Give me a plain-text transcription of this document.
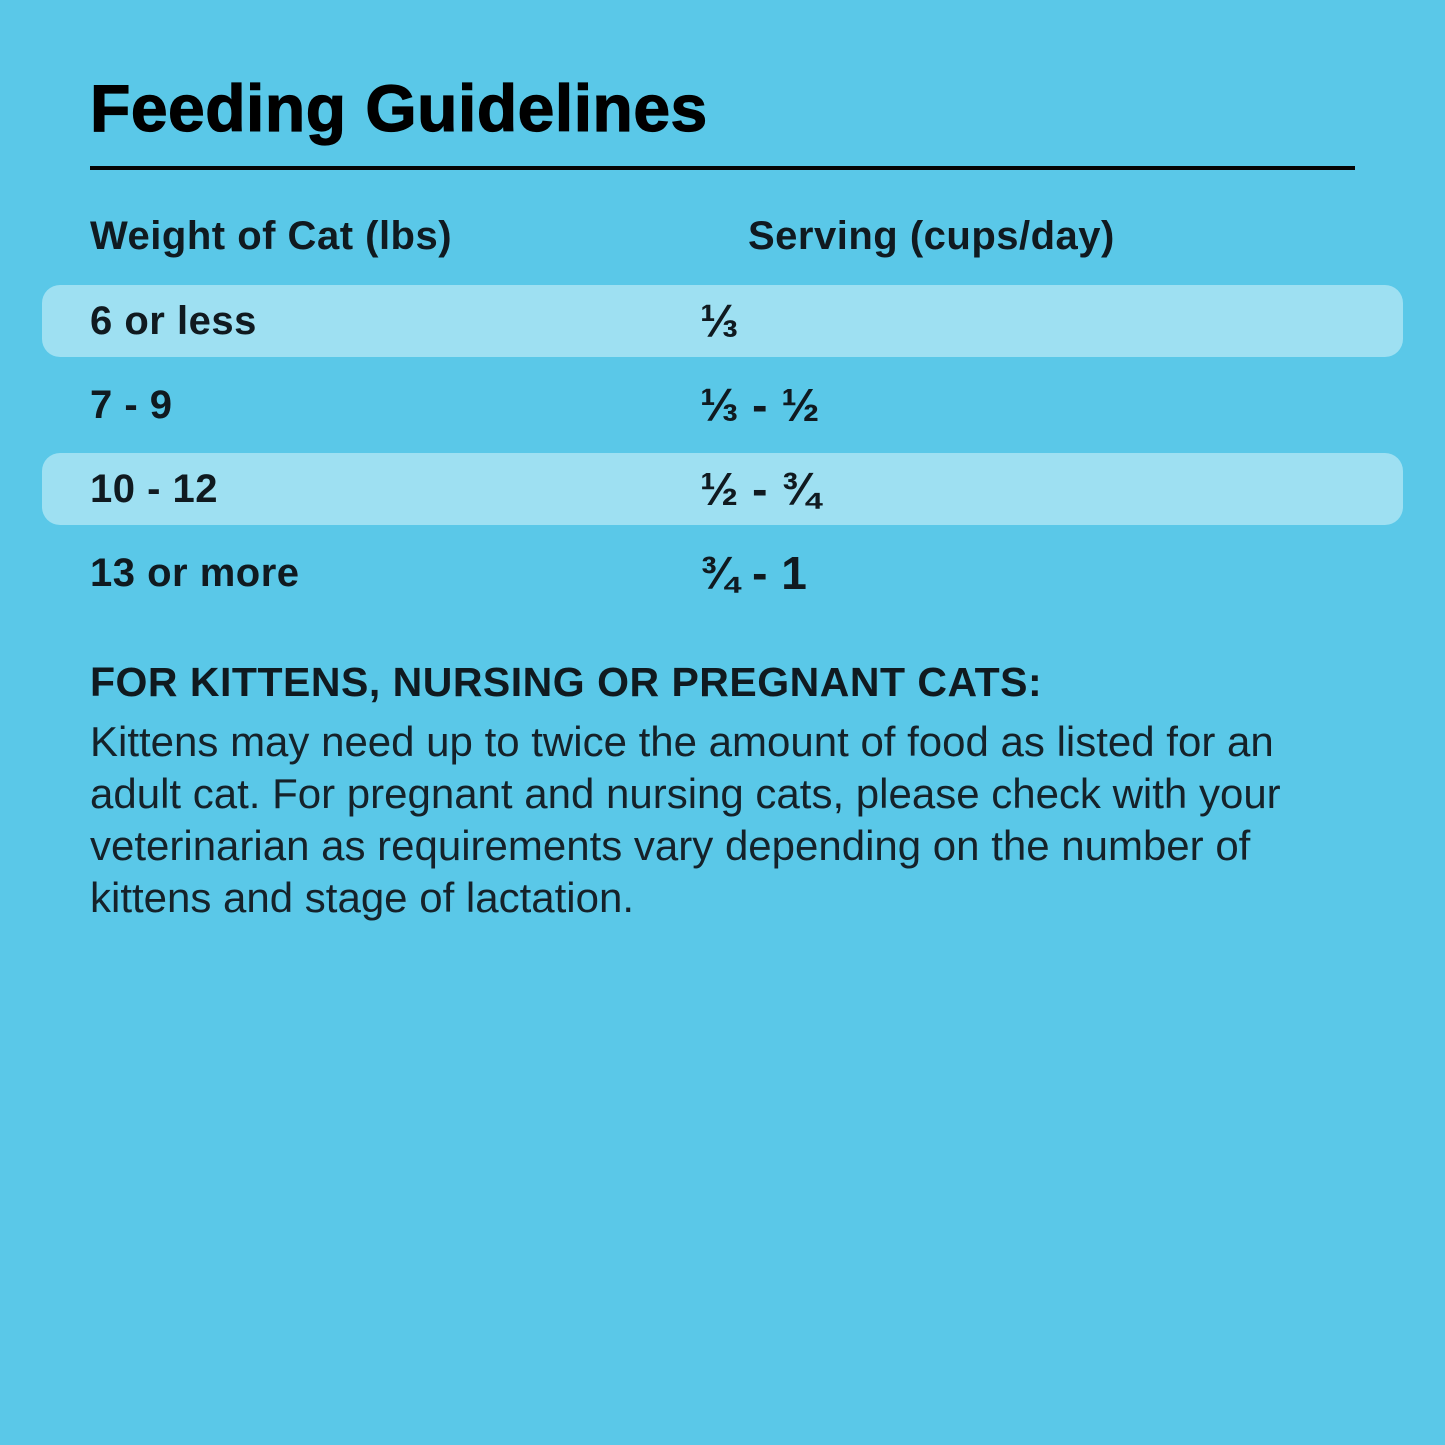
Feeding Guidelines
Weight of Cat (lbs)	Serving (cups/day)
6 or less	⅓
7 - 9	⅓ - ½
10 - 12	½ - ¾
13 or more	¾ - 1

FOR KITTENS, NURSING OR PREGNANT CATS:

Kittens may need up to twice the amount of food as listed for an adult cat. For pregnant and nursing cats, please check with your veterinarian as requirements vary depending on the number of kittens and stage of lactation.
